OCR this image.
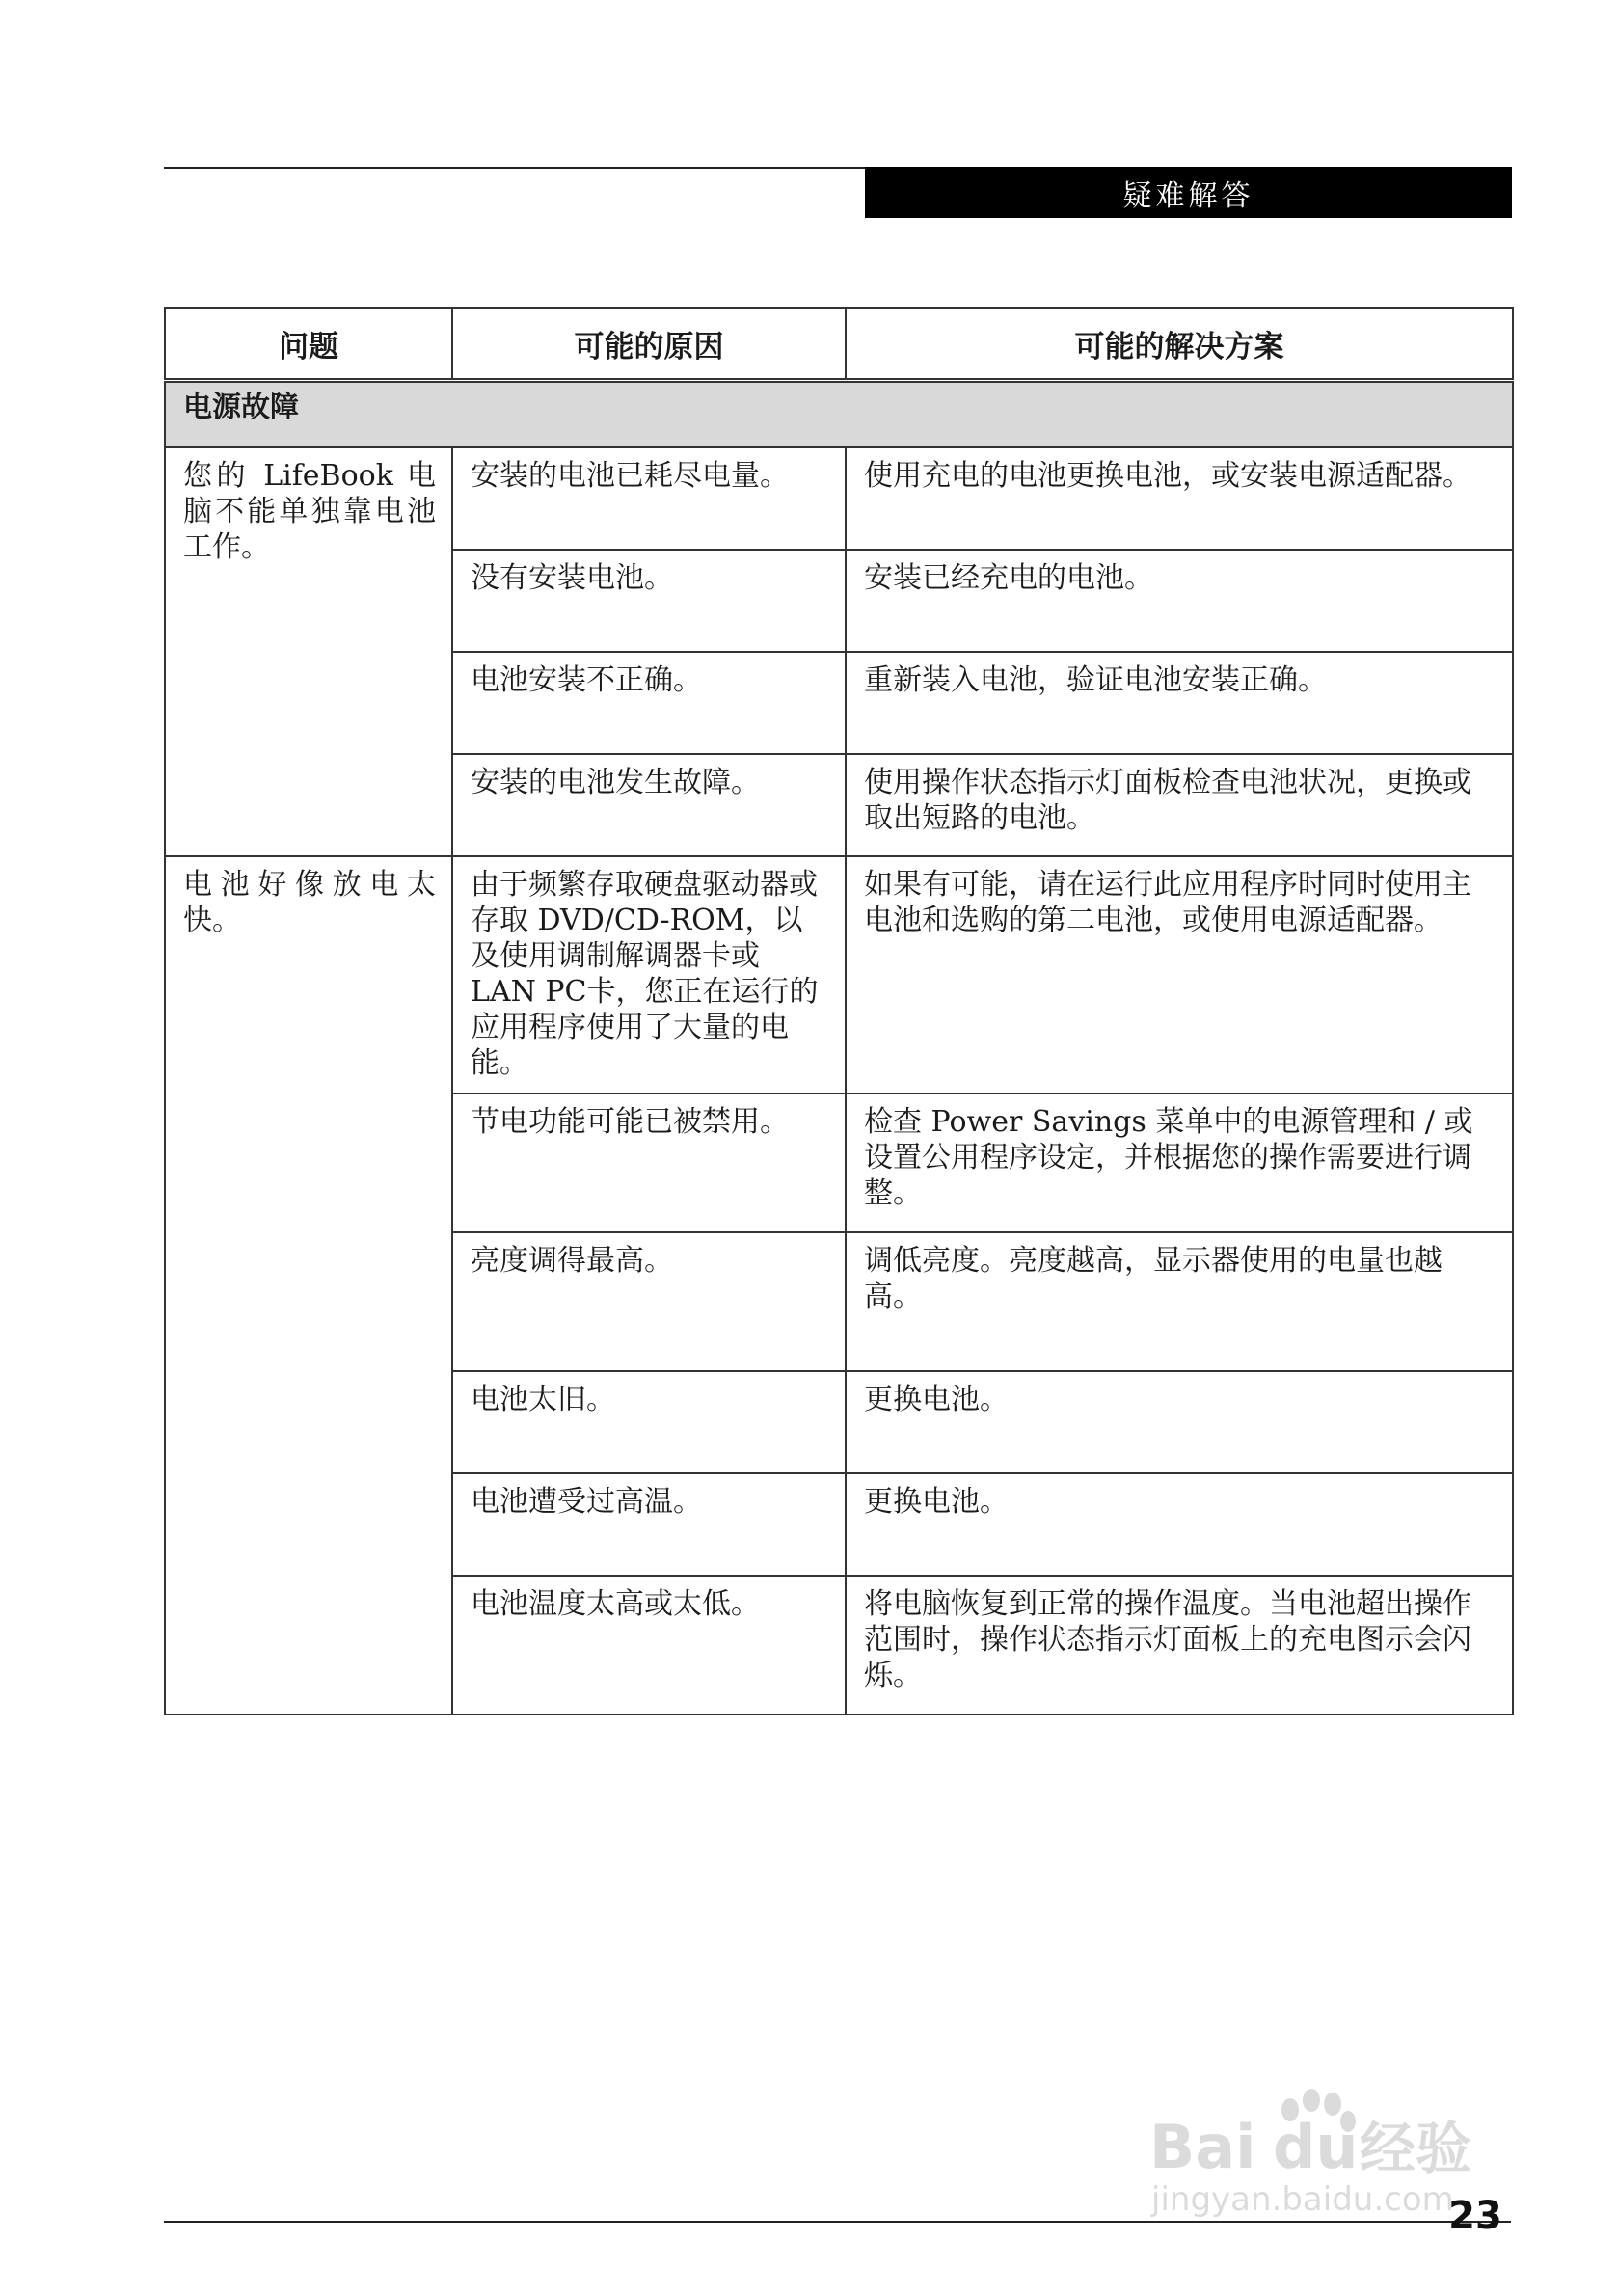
疑难解答
问题	可能的原因	可能的解决方案
电源故障		
您的 LifeBook 电脑不能单独靠电池工作。	安装的电池已耗尽电量。	使用充电的电池更换电池，或安装电源适配器。
	没有安装电池。	安装已经充电的电池。
	电池安装不正确。	重新装入电池，验证电池安装正确。
	安装的电池发生故障。	使用操作状态指示灯面板检查电池状况，更换或取出短路的电池。
电池好像放电太快。	由于频繁存取硬盘驱动器或存取 DVD/CD-ROM，以及使用调制解调器卡或 LAN PC卡，您正在运行的应用程序使用了大量的电能。	如果有可能，请在运行此应用程序时同时使用主电池和选购的第二电池，或使用电源适配器。
	节电功能可能已被禁用。	检查 Power Savings 菜单中的电源管理和 / 或设置公用程序设定，并根据您的操作需要进行调整。
	亮度调得最高。	调低亮度。亮度越高，显示器使用的电量也越高。
	电池太旧。	更换电池。
	电池遭受过高温。	更换电池。
	电池温度太高或太低。	将电脑恢复到正常的操作温度。当电池超出操作范围时，操作状态指示灯面板上的充电图示会闪烁。
Bai du 经验
jingyan.baidu.com
23
